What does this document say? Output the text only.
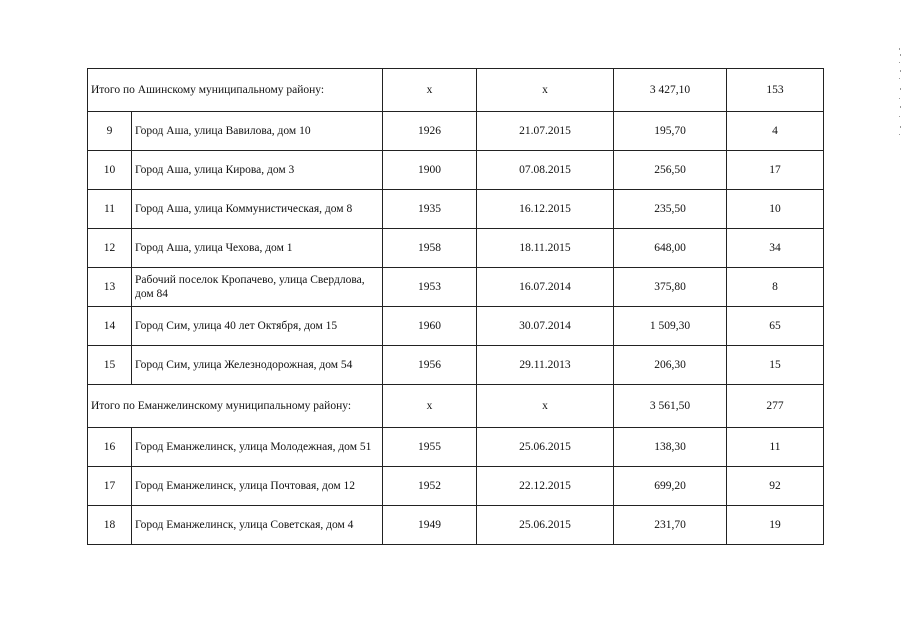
Итого по Ашинскому муниципальному району:		х	х	3 427,10	153
9	Город Аша, улица Вавилова, дом 10	1926	21.07.2015	195,70	4
10	Город Аша, улица Кирова, дом 3	1900	07.08.2015	256,50	17
11	Город Аша, улица Коммунистическая, дом 8	1935	16.12.2015	235,50	10
12	Город Аша, улица Чехова, дом 1	1958	18.11.2015	648,00	34
13	Рабочий поселок Кропачево, улица Свердлова, дом 84	1953	16.07.2014	375,80	8
14	Город Сим, улица 40 лет Октября, дом 15	1960	30.07.2014	1 509,30	65
15	Город Сим, улица Железнодорожная, дом 54	1956	29.11.2013	206,30	15
Итого по Еманжелинскому муниципальному району:		х	х	3 561,50	277
16	Город Еманжелинск, улица Молодежная, дом 51	1955	25.06.2015	138,30	11
17	Город Еманжелинск, улица Почтовая, дом 12	1952	22.12.2015	699,20	92
18	Город Еманжелинск, улица Советская, дом 4	1949	25.06.2015	231,70	19
